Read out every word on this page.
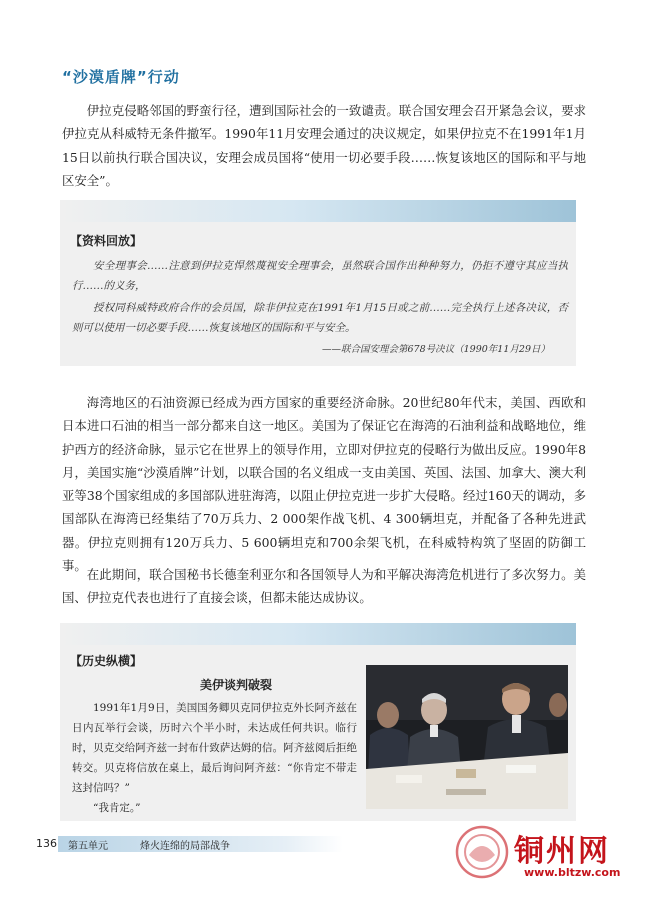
“沙漠盾牌”行动

伊拉克侵略邻国的野蛮行径，遭到国际社会的一致谴责。联合国安理会召开紧急会议，要求伊拉克从科威特无条件撤军。1990年11月安理会通过的决议规定，如果伊拉克不在1991年1月15日以前执行联合国决议，安理会成员国将“使用一切必要手段……恢复该地区的国际和平与地区安全”。

【资料回放】

安全理事会……注意到伊拉克悍然蔑视安全理事会，虽然联合国作出种种努力，仍拒不遵守其应当执行……的义务，

授权同科威特政府合作的会员国，除非伊拉克在1991年1月15日或之前……完全执行上述各决议，否则可以使用一切必要手段……恢复该地区的国际和平与安全。

——联合国安理会第678号决议（1990年11月29日）

海湾地区的石油资源已经成为西方国家的重要经济命脉。20世纪80年代末，美国、西欧和日本进口石油的相当一部分都来自这一地区。美国为了保证它在海湾的石油利益和战略地位，维护西方的经济命脉，显示它在世界上的领导作用，立即对伊拉克的侵略行为做出反应。1990年8月，美国实施“沙漠盾牌”计划，以联合国的名义组成一支由美国、英国、法国、加拿大、澳大利亚等38个国家组成的多国部队进驻海湾，以阻止伊拉克进一步扩大侵略。经过160天的调动，多国部队在海湾已经集结了70万兵力、2 000架作战飞机、4 300辆坦克，并配备了各种先进武器。伊拉克则拥有120万兵力、5 600辆坦克和700余架飞机，在科威特构筑了坚固的防御工事。

在此期间，联合国秘书长德奎利亚尔和各国领导人为和平解决海湾危机进行了多次努力。美国、伊拉克代表也进行了直接会谈，但都未能达成协议。

【历史纵横】
美伊谈判破裂
1991年1月9日，美国国务卿贝克同伊拉克外长阿齐兹在日内瓦举行会谈，历时六个半小时，未达成任何共识。临行时，贝克交给阿齐兹一封布什致萨达姆的信。阿齐兹阅后拒绝转交。贝克将信放在桌上，最后询问阿齐兹：“你肯定不带走这封信吗？”
“我肯定。”
136 第五单元	烽火连绵的局部战争	铜州网
www.bltzw.com
